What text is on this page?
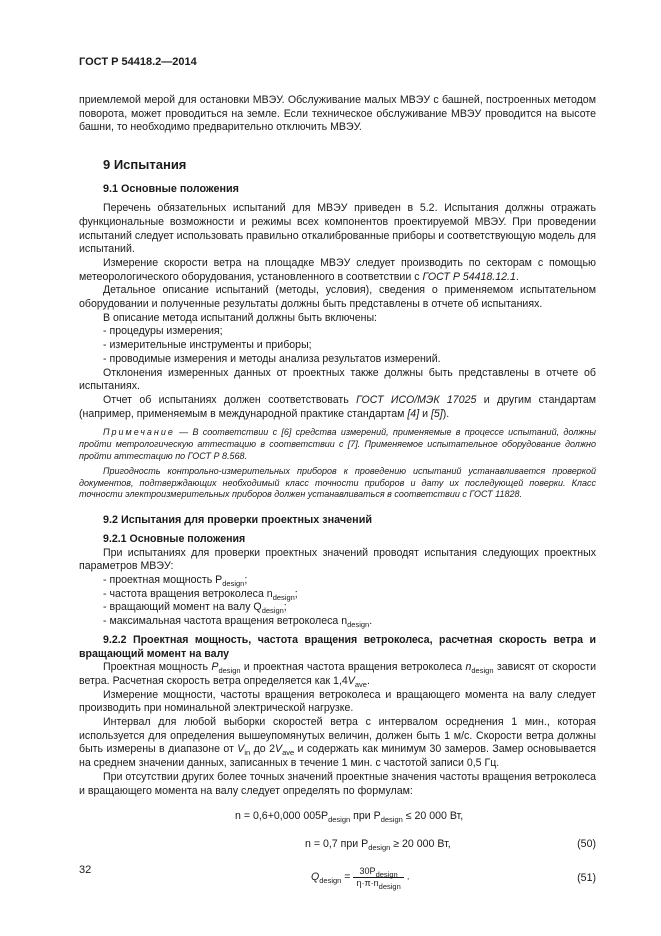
ГОСТ Р 54418.2—2014

приемлемой мерой для остановки МВЭУ. Обслуживание малых МВЭУ с башней, построенных методом поворота, может проводиться на земле. Если техническое обслуживание МВЭУ проводится на высоте башни, то необходимо предварительно отключить МВЭУ.

9 Испытания
9.1 Основные положения

Перечень обязательных испытаний для МВЭУ приведен в 5.2. Испытания должны отражать функциональные возможности и режимы всех компонентов проектируемой МВЭУ. При проведении испытаний следует использовать правильно откалиброванные приборы и соответствующую модель для испытаний.

Измерение скорости ветра на площадке МВЭУ следует производить по секторам с помощью метеорологического оборудования, установленного в соответствии с ГОСТ Р 54418.12.1.

Детальное описание испытаний (методы, условия), сведения о применяемом испытательном оборудовании и полученные результаты должны быть представлены в отчете об испытаниях.

В описание метода испытаний должны быть включены:

- процедуры измерения;

- измерительные инструменты и приборы;

- проводимые измерения и методы анализа результатов измерений.

Отклонения измеренных данных от проектных также должны быть представлены в отчете об испытаниях.

Отчет об испытаниях должен соответствовать ГОСТ ИСО/МЭК 17025 и другим стандартам (например, применяемым в международной практике стандартам [4] и [5]).

Примечание — В соответствии с [6] средства измерений, применяемые в процессе испытаний, должны пройти метрологическую аттестацию в соответствии с [7]. Применяемое испытательное оборудование должно пройти аттестацию по ГОСТ Р 8.568.

Пригодность контрольно-измерительных приборов к проведению испытаний устанавливается проверкой документов, подтверждающих необходимый класс точности приборов и дату их последующей поверки. Класс точности электроизмерительных приборов должен устанавливаться в соответствии с ГОСТ 11828.

9.2 Испытания для проверки проектных значений

9.2.1 Основные положения

При испытаниях для проверки проектных значений проводят испытания следующих проектных параметров МВЭУ:

- проектная мощность $P_{design}$;

- частота вращения ветроколеса $n_{design}$;

- вращающий момент на валу $Q_{design}$;

- максимальная частота вращения ветроколеса $n_{design}$.

9.2.2 Проектная мощность, частота вращения ветроколеса, расчетная скорость ветра и вращающий момент на валу

Проектная мощность $P_{design}$ и проектная частота вращения ветроколеса $n_{design}$ зависят от скорости ветра. Расчетная скорость ветра определяется как $1,4V_{ave}$.

Измерение мощности, частоты вращения ветроколеса и вращающего момента на валу следует производить при номинальной электрической нагрузке.

Интервал для любой выборки скоростей ветра с интервалом осреднения 1 мин., которая используется для определения вышеупомянутых величин, должен быть 1 м/с. Скорости ветра должны быть измерены в диапазоне от $V_{in}$ до $2V_{ave}$ и содержать как минимум 30 замеров. Замер основывается на среднем значении данных, записанных в течение 1 мин. с частотой записи 0,5 Гц.

При отсутствии других более точных значений проектные значения частоты вращения ветроколеса и вращающего момента на валу следует определять по формулам:

n = 0,6+0,000 $005P_{design}$ при $P_{design} \le 20$ 000 Вт,
n = 0,7 при $P_{design} \ge 20$ 000 Вт,	(50)
$Q_{design} = \frac{30P_{design}}{\eta\cdot\pi\cdot n_{design}}$ .	(51)
32
